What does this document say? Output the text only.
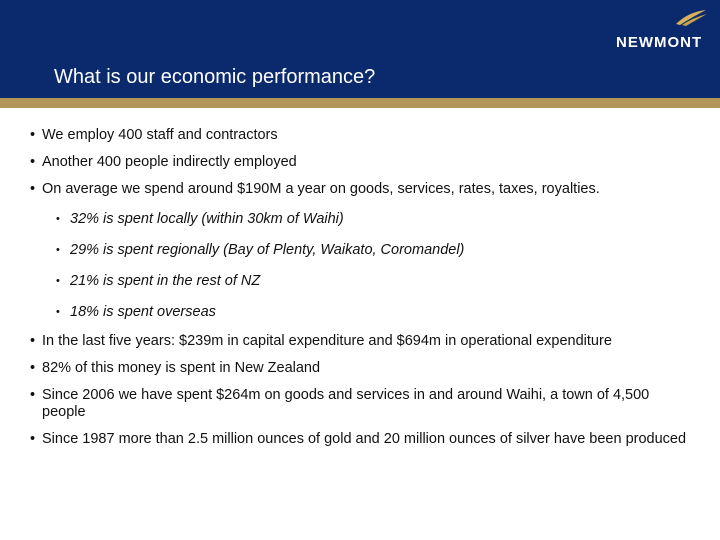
What is our economic performance?
NEWMONT
• We employ 400 staff and contractors
• Another 400 people indirectly employed
• On average we spend around $190M a year on goods, services, rates, taxes, royalties.
• 32% is spent locally (within 30km of Waihi)
• 29% is spent regionally (Bay of Plenty, Waikato, Coromandel)
• 21% is spent in the rest of NZ
• 18% is spent overseas
• In the last five years: $239m in capital expenditure and $694m in operational expenditure
• 82% of this money is spent in New Zealand
• Since 2006 we have spent $264m on goods and services in and around Waihi, a town of 4,500 people
• Since 1987 more than 2.5 million ounces of gold and 20 million ounces of silver have been produced
